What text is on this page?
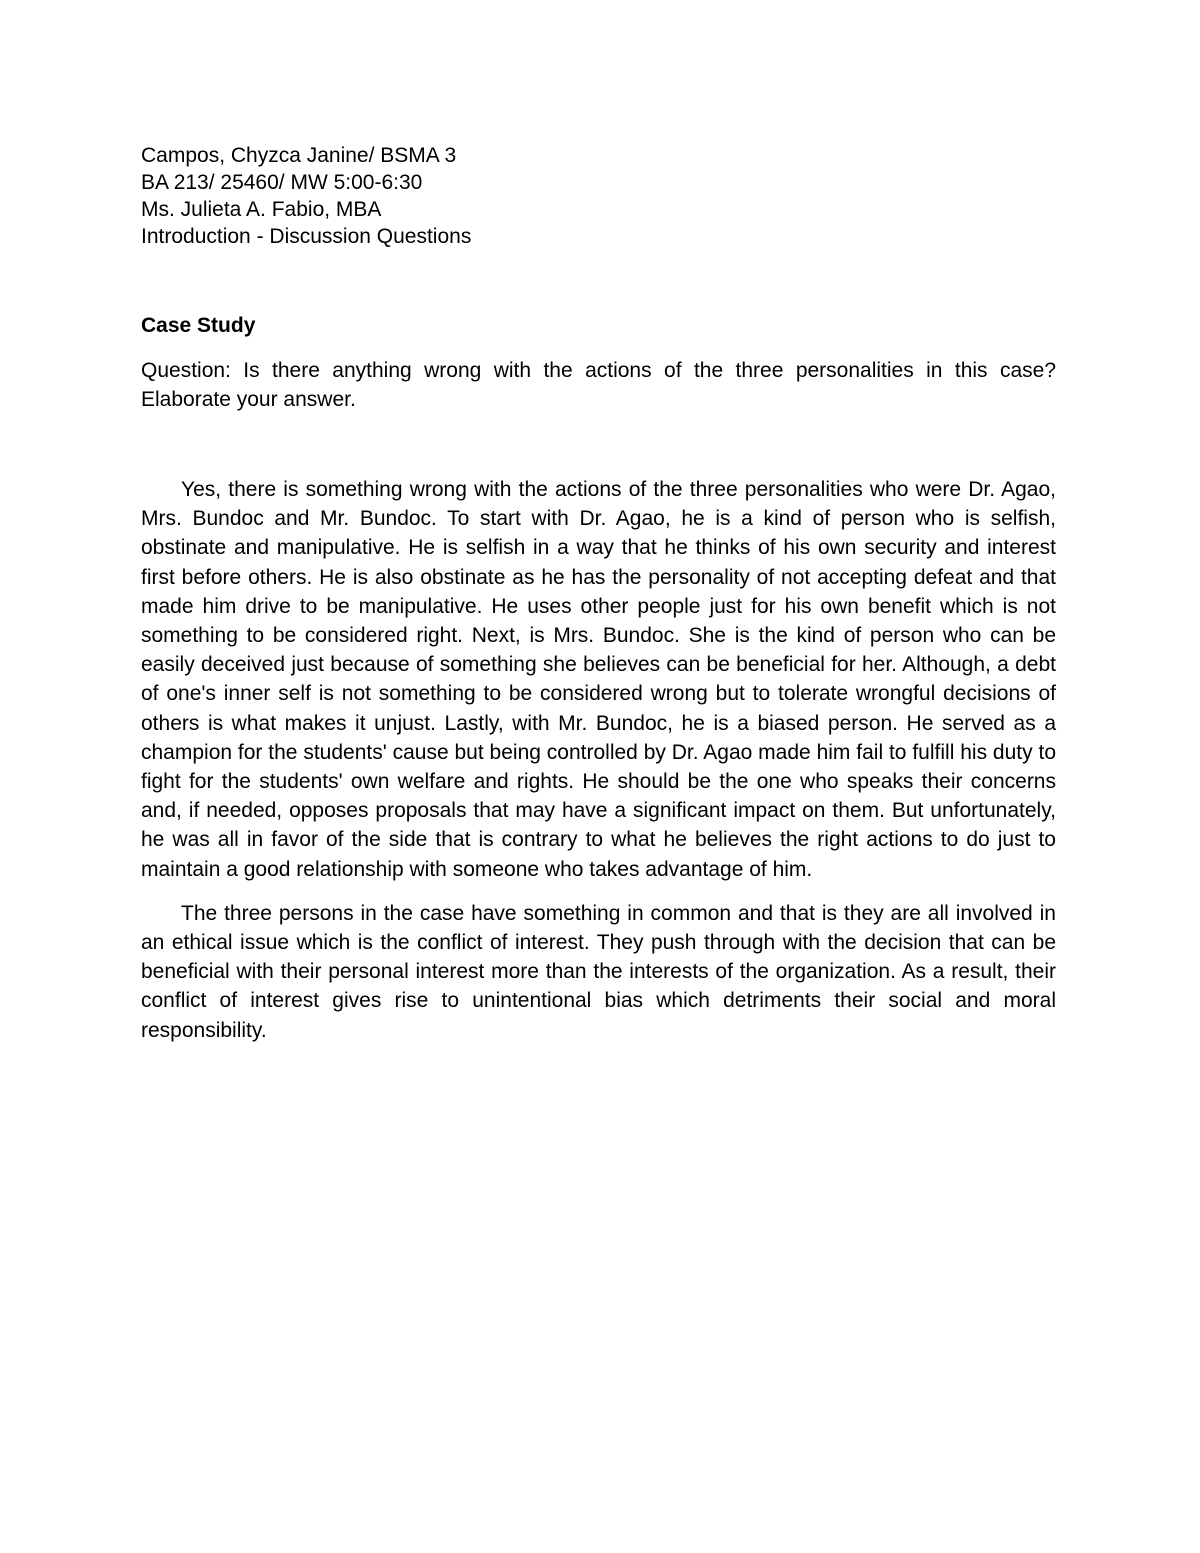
Campos, Chyzca Janine/ BSMA 3

BA 213/ 25460/ MW 5:00-6:30

Ms. Julieta A. Fabio, MBA

Introduction - Discussion Questions

Case Study

Question: Is there anything wrong with the actions of the three personalities in this case? Elaborate your answer.

Yes, there is something wrong with the actions of the three personalities who were Dr. Agao, Mrs. Bundoc and Mr. Bundoc. To start with Dr. Agao, he is a kind of person who is selfish, obstinate and manipulative. He is selfish in a way that he thinks of his own security and interest first before others. He is also obstinate as he has the personality of not accepting defeat and that made him drive to be manipulative. He uses other people just for his own benefit which is not something to be considered right. Next, is Mrs. Bundoc. She is the kind of person who can be easily deceived just because of something she believes can be beneficial for her. Although, a debt of one's inner self is not something to be considered wrong but to tolerate wrongful decisions of others is what makes it unjust. Lastly, with Mr. Bundoc, he is a biased person. He served as a champion for the students' cause but being controlled by Dr. Agao made him fail to fulfill his duty to fight for the students' own welfare and rights. He should be the one who speaks their concerns and, if needed, opposes proposals that may have a significant impact on them. But unfortunately, he was all in favor of the side that is contrary to what he believes the right actions to do just to maintain a good relationship with someone who takes advantage of him.

The three persons in the case have something in common and that is they are all involved in an ethical issue which is the conflict of interest. They push through with the decision that can be beneficial with their personal interest more than the interests of the organization. As a result, their conflict of interest gives rise to unintentional bias which detriments their social and moral responsibility.
